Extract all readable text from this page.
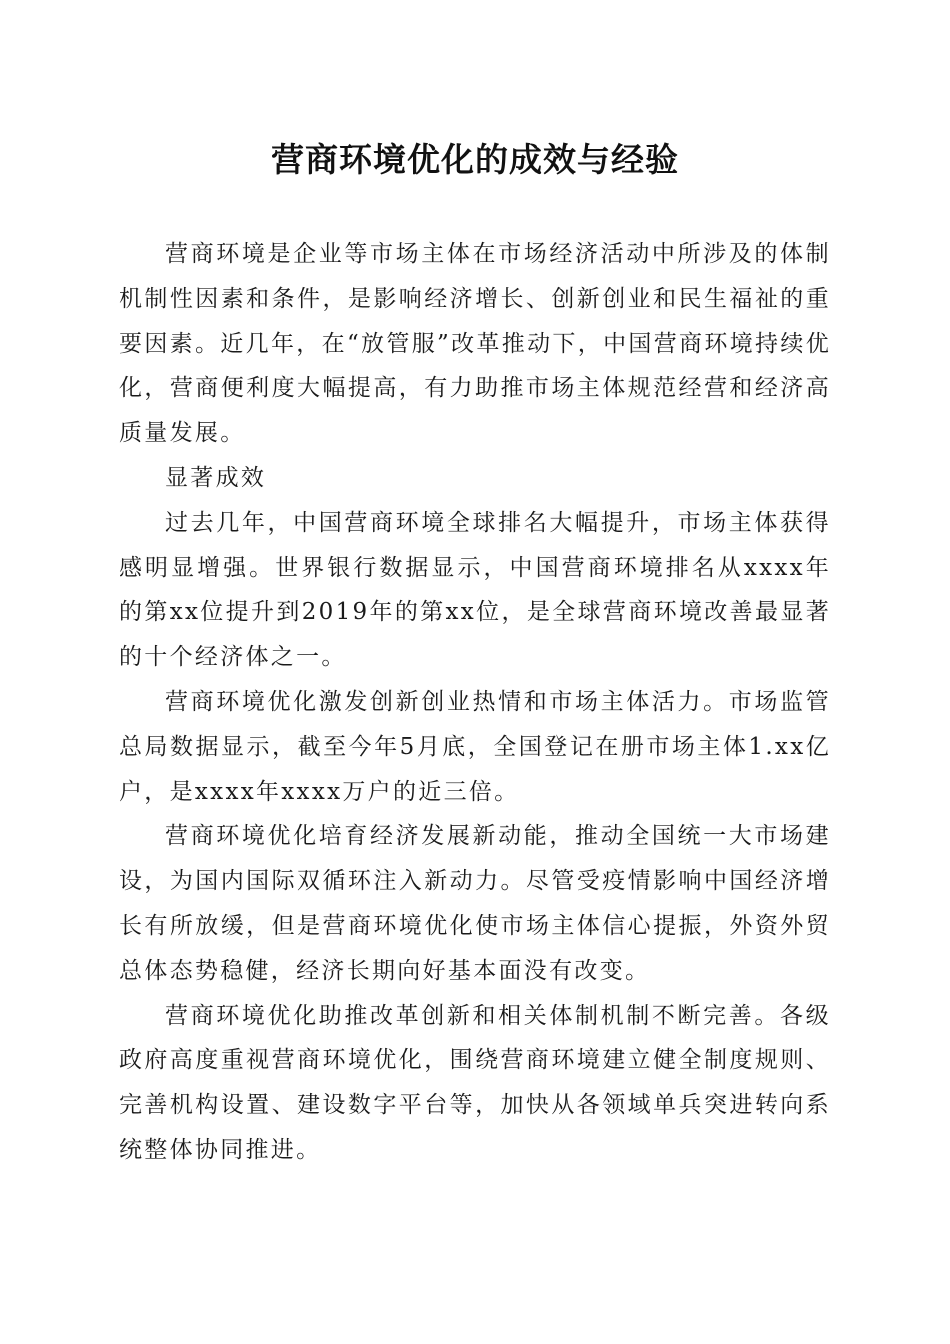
营商环境优化的成效与经验

营商环境是企业等市场主体在市场经济活动中所涉及的体制机制性因素和条件，是影响经济增长、创新创业和民生福祉的重要因素。近几年，在“放管服”改革推动下，中国营商环境持续优化，营商便利度大幅提高，有力助推市场主体规范经营和经济高质量发展。

显著成效

过去几年，中国营商环境全球排名大幅提升，市场主体获得感明显增强。世界银行数据显示，中国营商环境排名从xxxx年的第xx位提升到2019年的第xx位，是全球营商环境改善最显著的十个经济体之一。

营商环境优化激发创新创业热情和市场主体活力。市场监管总局数据显示，截至今年5月底，全国登记在册市场主体1.xx亿户，是xxxx年xxxx万户的近三倍。

营商环境优化培育经济发展新动能，推动全国统一大市场建设，为国内国际双循环注入新动力。尽管受疫情影响中国经济增长有所放缓，但是营商环境优化使市场主体信心提振，外资外贸总体态势稳健，经济长期向好基本面没有改变。

营商环境优化助推改革创新和相关体制机制不断完善。各级政府高度重视营商环境优化，围绕营商环境建立健全制度规则、完善机构设置、建设数字平台等，加快从各领域单兵突进转向系统整体协同推进。
